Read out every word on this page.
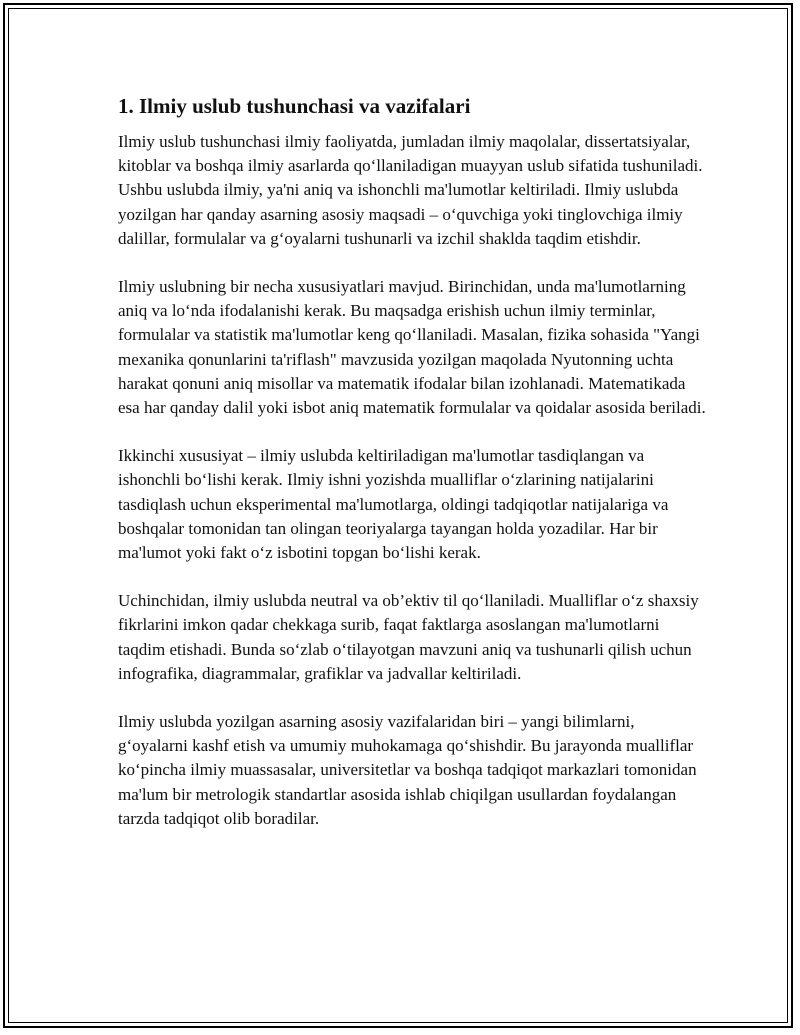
1. Ilmiy uslub tushunchasi va vazifalari

Ilmiy uslub tushunchasi ilmiy faoliyatda, jumladan ilmiy maqolalar, dissertatsiyalar, kitoblar va boshqa ilmiy asarlarda qo‘llaniladigan muayyan uslub sifatida tushuniladi. Ushbu uslubda ilmiy, ya'ni aniq va ishonchli ma'lumotlar keltiriladi. Ilmiy uslubda yozilgan har qanday asarning asosiy maqsadi – o‘quvchiga yoki tinglovchiga ilmiy dalillar, formulalar va g‘oyalarni tushunarli va izchil shaklda taqdim etishdir.

Ilmiy uslubning bir necha xususiyatlari mavjud. Birinchidan, unda ma'lumotlarning aniq va lo‘nda ifodalanishi kerak. Bu maqsadga erishish uchun ilmiy terminlar, formulalar va statistik ma'lumotlar keng qo‘llaniladi. Masalan, fizika sohasida "Yangi mexanika qonunlarini ta'riflash" mavzusida yozilgan maqolada Nyutonning uchta harakat qonuni aniq misollar va matematik ifodalar bilan izohlanadi. Matematikada esa har qanday dalil yoki isbot aniq matematik formulalar va qoidalar asosida beriladi.

Ikkinchi xususiyat – ilmiy uslubda keltiriladigan ma'lumotlar tasdiqlangan va ishonchli bo‘lishi kerak. Ilmiy ishni yozishda mualliflar o‘zlarining natijalarini tasdiqlash uchun eksperimental ma'lumotlarga, oldingi tadqiqotlar natijalariga va boshqalar tomonidan tan olingan teoriyalarga tayangan holda yozadilar. Har bir ma'lumot yoki fakt o‘z isbotini topgan bo‘lishi kerak.

Uchinchidan, ilmiy uslubda neutral va ob’ektiv til qo‘llaniladi. Mualliflar o‘z shaxsiy fikrlarini imkon qadar chekkaga surib, faqat faktlarga asoslangan ma'lumotlarni taqdim etishadi. Bunda so‘zlab o‘tilayotgan mavzuni aniq va tushunarli qilish uchun infografika, diagrammalar, grafiklar va jadvallar keltiriladi.

Ilmiy uslubda yozilgan asarning asosiy vazifalaridan biri – yangi bilimlarni, g‘oyalarni kashf etish va umumiy muhokamaga qo‘shishdir. Bu jarayonda mualliflar ko‘pincha ilmiy muassasalar, universitetlar va boshqa tadqiqot markazlari tomonidan ma'lum bir metrologik standartlar asosida ishlab chiqilgan usullardan foydalangan tarzda tadqiqot olib boradilar.
